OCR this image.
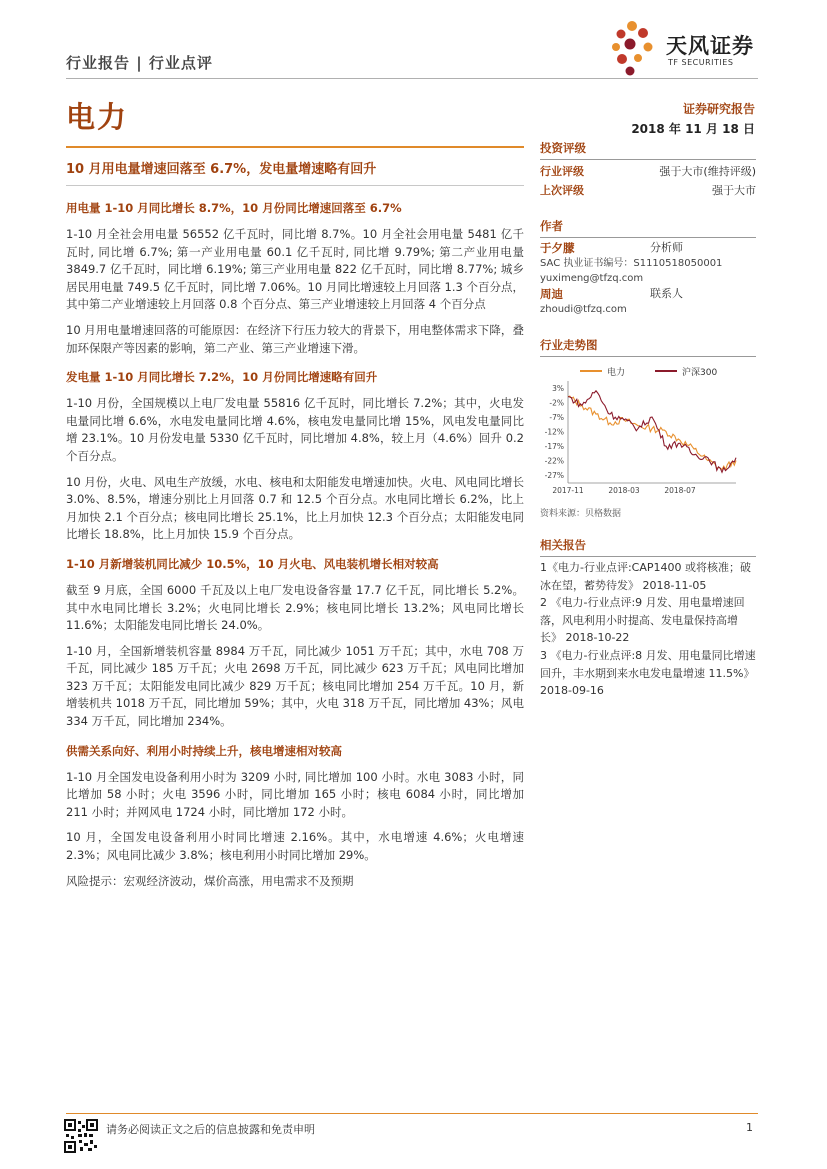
行业报告 | 行业点评
天风证券
TF SECURITIES
电力	证券研究报告
2018 年 11 月 18 日
10 月用电量增速回落至 6.7%，发电量增速略有回升
用电量 1-10 月同比增长 8.7%，10 月份同比增速回落至 6.7%
1-10 月全社会用电量 56552 亿千瓦时，同比增 8.7%。10 月全社会用电量 5481 亿千瓦时, 同比增 6.7%; 第一产业用电量 60.1 亿千瓦时, 同比增 9.79%; 第二产业用电量 3849.7 亿千瓦时，同比增 6.19%; 第三产业用电量 822 亿千瓦时，同比增 8.77%; 城乡居民用电量 749.5 亿千瓦时，同比增 7.06%。10 月同比增速较上月回落 1.3 个百分点，其中第二产业增速较上月回落 0.8 个百分点、第三产业增速较上月回落 4 个百分点
10 月用电量增速回落的可能原因：在经济下行压力较大的背景下，用电整体需求下降，叠加环保限产等因素的影响，第二产业、第三产业增速下滑。
发电量 1-10 月同比增长 7.2%，10 月份同比增速略有回升
1-10 月份，全国规模以上电厂发电量 55816 亿千瓦时，同比增长 7.2%；其中，火电发电量同比增 6.6%，水电发电量同比增 4.6%，核电发电量同比增 15%，风电发电量同比增 23.1%。10 月份发电量 5330 亿千瓦时，同比增加 4.8%，较上月（4.6%）回升 0.2 个百分点。
10 月份，火电、风电生产放缓，水电、核电和太阳能发电增速加快。火电、风电同比增长 3.0%、8.5%，增速分别比上月回落 0.7 和 12.5 个百分点。水电同比增长 6.2%，比上月加快 2.1 个百分点；核电同比增长 25.1%，比上月加快 12.3 个百分点；太阳能发电同比增长 18.8%，比上月加快 15.9 个百分点。
1-10 月新增装机同比减少 10.5%，10 月火电、风电装机增长相对较高
截至 9 月底，全国 6000 千瓦及以上电厂发电设备容量 17.7 亿千瓦，同比增长 5.2%。其中水电同比增长 3.2%；火电同比增长 2.9%；核电同比增长 13.2%；风电同比增长 11.6%；太阳能发电同比增长 24.0%。
1-10 月，全国新增装机容量 8984 万千瓦，同比减少 1051 万千瓦；其中，水电 708 万千瓦，同比减少 185 万千瓦；火电 2698 万千瓦，同比减少 623 万千瓦；风电同比增加 323 万千瓦；太阳能发电同比减少 829 万千瓦；核电同比增加 254 万千瓦。10 月，新增装机共 1018 万千瓦，同比增加 59%；其中，火电 318 万千瓦，同比增加 43%；风电 334 万千瓦，同比增加 234%。
供需关系向好、利用小时持续上升，核电增速相对较高
1-10 月全国发电设备利用小时为 3209 小时, 同比增加 100 小时。水电 3083 小时，同比增加 58 小时；火电 3596 小时，同比增加 165 小时；核电 6084 小时，同比增加 211 小时；并网风电 1724 小时，同比增加 172 小时。
10 月，全国发电设备利用小时同比增速 2.16%。其中，水电增速 4.6%；火电增速 2.3%；风电同比减少 3.8%；核电利用小时同比增加 29%。
风险提示：宏观经济波动，煤价高涨，用电需求不及预期
投资评级
行业评级	强于大市(维持评级)
上次评级	强于大市
作者
于夕朦	分析师
SAC 执业证书编号：S1110518050001
yuximeng@tfzq.com
周迪	联系人
zhoudi@tfzq.com
行业走势图
电力	沪深300
3%
-2%
-7%
-12%
-17%
-22%
-27%
2017-11	2018-03	2018-07
资料来源：贝格数据
相关报告
1《电力-行业点评:CAP1400 或将核准；破冰在望，蓄势待发》 2018-11-05
2 《电力-行业点评:9 月发、用电量增速回落，风电利用小时提高、发电量保持高增长》 2018-10-22
3 《电力-行业点评:8 月发、用电量同比增速回升，丰水期到来水电发电量增速 11.5%》 2018-09-16
请务必阅读正文之后的信息披露和免责申明	1
